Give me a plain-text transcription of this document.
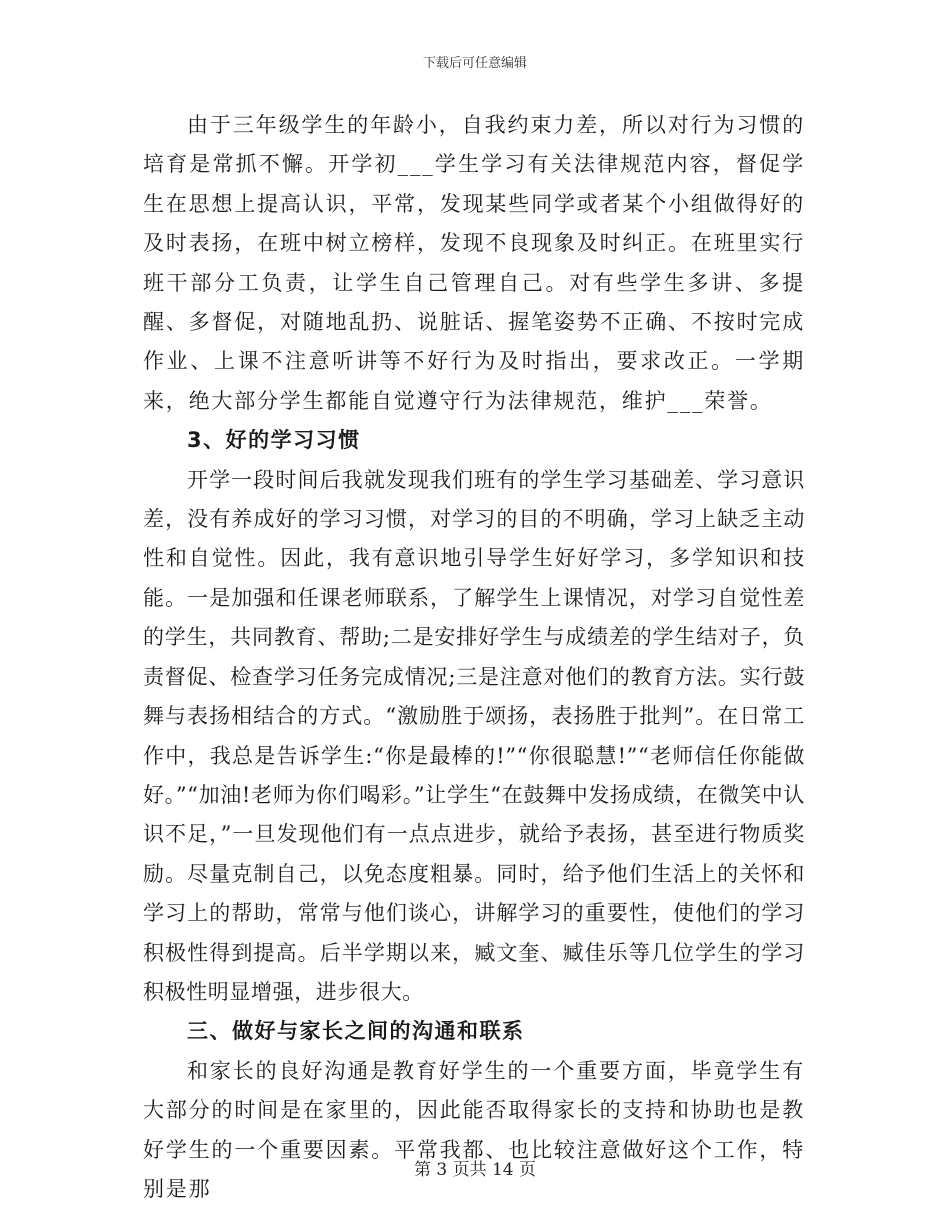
下载后可任意编辑

由于三年级学生的年龄小，自我约束力差，所以对行为习惯的培育是常抓不懈。开学初___学生学习有关法律规范内容，督促学生在思想上提高认识，平常，发现某些同学或者某个小组做得好的及时表扬，在班中树立榜样，发现不良现象及时纠正。在班里实行班干部分工负责，让学生自己管理自己。对有些学生多讲、多提醒、多督促，对随地乱扔、说脏话、握笔姿势不正确、不按时完成作业、上课不注意听讲等不好行为及时指出，要求改正。一学期来，绝大部分学生都能自觉遵守行为法律规范，维护___荣誉。

3、好的学习习惯

开学一段时间后我就发现我们班有的学生学习基础差、学习意识差，没有养成好的学习习惯，对学习的目的不明确，学习上缺乏主动性和自觉性。因此，我有意识地引导学生好好学习，多学知识和技能。一是加强和任课老师联系，了解学生上课情况，对学习自觉性差的学生，共同教育、帮助;二是安排好学生与成绩差的学生结对子，负责督促、检查学习任务完成情况;三是注意对他们的教育方法。实行鼓舞与表扬相结合的方式。“激励胜于颂扬，表扬胜于批判”。在日常工作中，我总是告诉学生:“你是最棒的!”“你很聪慧!”“老师信任你能做好。”“加油!老师为你们喝彩。”让学生“在鼓舞中发扬成绩，在微笑中认识不足，”一旦发现他们有一点点进步，就给予表扬，甚至进行物质奖励。尽量克制自己，以免态度粗暴。同时，给予他们生活上的关怀和学习上的帮助，常常与他们谈心，讲解学习的重要性，使他们的学习积极性得到提高。后半学期以来，臧文奎、臧佳乐等几位学生的学习积极性明显增强，进步很大。

三、做好与家长之间的沟通和联系

和家长的良好沟通是教育好学生的一个重要方面，毕竟学生有大部分的时间是在家里的，因此能否取得家长的支持和协助也是教好学生的一个重要因素。平常我都、也比较注意做好这个工作，特别是那

第 3 页共 14 页
